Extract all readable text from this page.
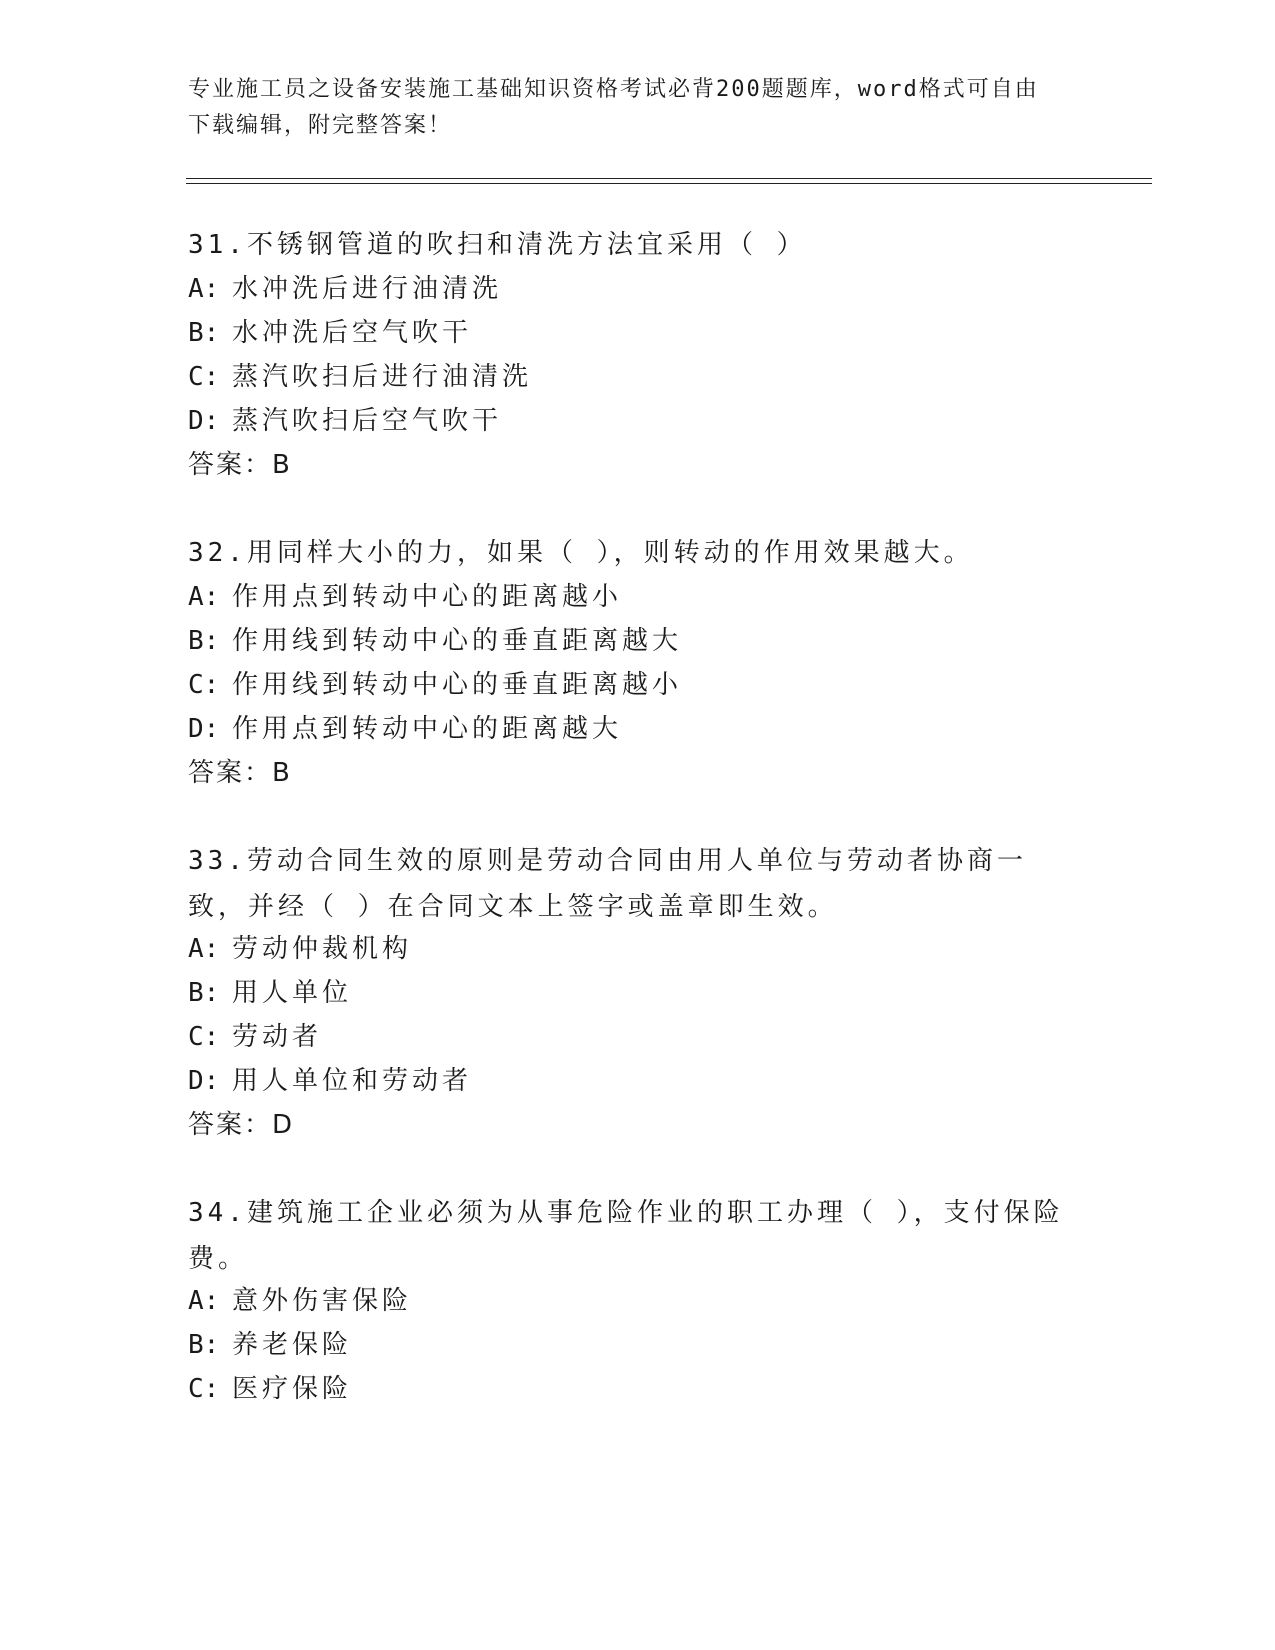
专业施工员之设备安装施工基础知识资格考试必背200题题库，word格式可自由
下载编辑，附完整答案！
31.不锈钢管道的吹扫和清洗方法宜采用（ ）
A: 水冲洗后进行油清洗
B: 水冲洗后空气吹干
C: 蒸汽吹扫后进行油清洗
D: 蒸汽吹扫后空气吹干
答案：B
32.用同样大小的力，如果（ ），则转动的作用效果越大。
A: 作用点到转动中心的距离越小
B: 作用线到转动中心的垂直距离越大
C: 作用线到转动中心的垂直距离越小
D: 作用点到转动中心的距离越大
答案：B
33.劳动合同生效的原则是劳动合同由用人单位与劳动者协商一致，并经（ ）在合同文本上签字或盖章即生效。
A: 劳动仲裁机构
B: 用人单位
C: 劳动者
D: 用人单位和劳动者
答案：D
34.建筑施工企业必须为从事危险作业的职工办理（ ），支付保险费。
A: 意外伤害保险
B: 养老保险
C: 医疗保险
